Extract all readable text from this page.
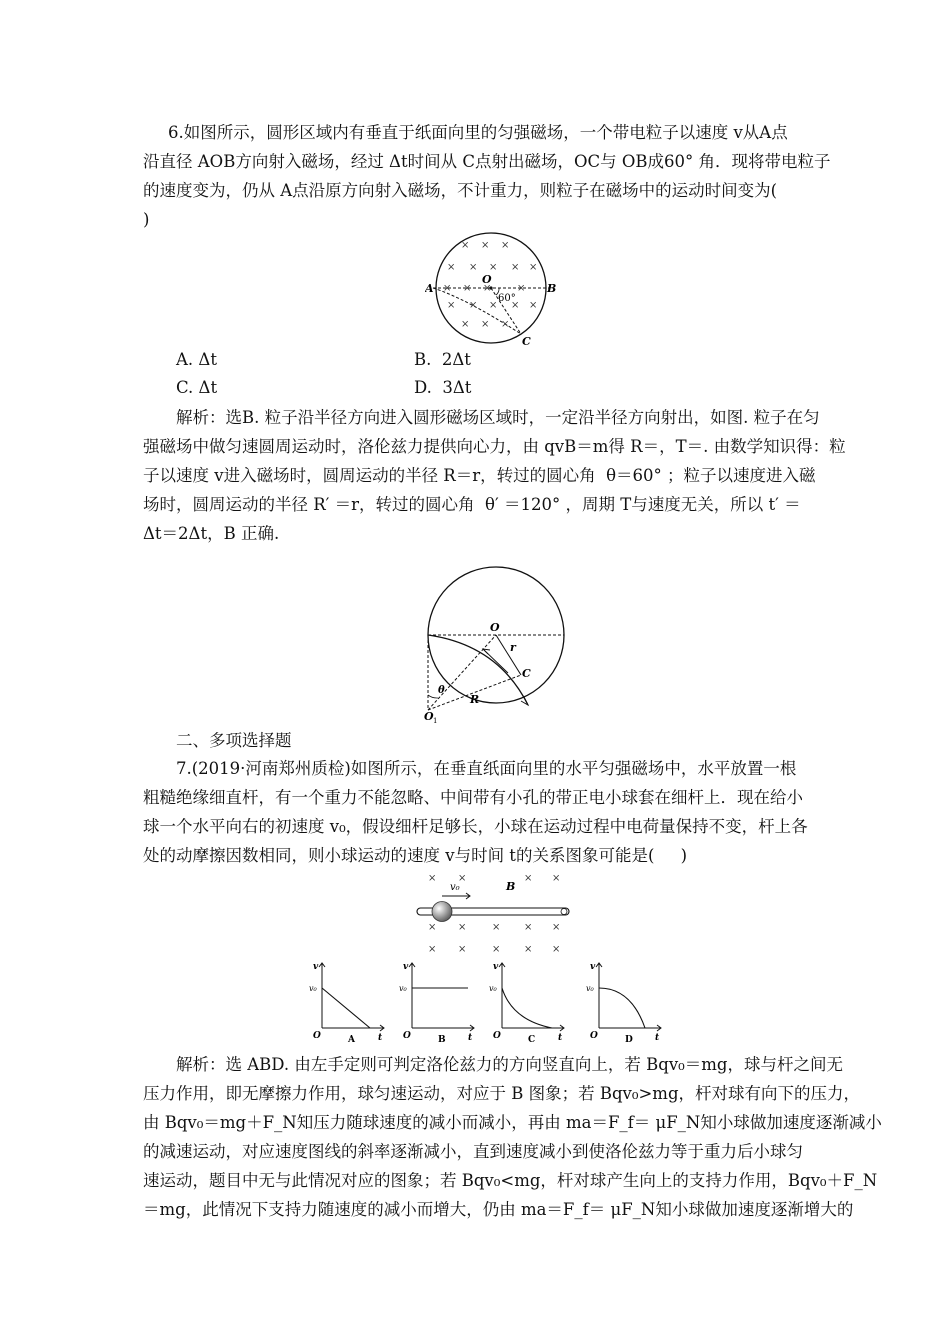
6.如图所示，圆形区域内有垂直于纸面向里的匀强磁场，一个带电粒子以速度 v从A点
沿直径 AOB方向射入磁场，经过 Δt时间从 C点射出磁场，OC与 OB成60° 角．现将带电粒子
的速度变为，仍从 A点沿原方向射入磁场，不计重力，则粒子在磁场中的运动时间变为(
)
× × ×
× × × × ×
× × ×	×
× × × × ×
× × ×
O
A	B
C
60°
A. Δt	B.  2Δt
C. Δt	D.  3Δt
解析：选B. 粒子沿半径方向进入圆形磁场区域时，一定沿半径方向射出，如图. 粒子在匀
强磁场中做匀速圆周运动时，洛伦兹力提供向心力，由 qvB＝m得 R＝，T＝. 由数学知识得：粒
子以速度 v进入磁场时，圆周运动的半径 R＝r，转过的圆心角  θ＝60° ；粒子以速度进入磁
场时，圆周运动的半径 R′ ＝r，转过的圆心角  θ′ ＝120° ，周期 T与速度无关，所以 t′ ＝
Δt＝2Δt，B 正确.
O
r
C
R
θ
O 1
二、多项选择题
7.(2019·河南郑州质检)如图所示，在垂直纸面向里的水平匀强磁场中，水平放置一根
粗糙绝缘细直杆，有一个重力不能忽略、中间带有小孔的带正电小球套在细杆上．现在给小
球一个水平向右的初速度 v₀，假设细杆足够长，小球在运动过程中电荷量保持不变，杆上各
处的动摩擦因数相同，则小球运动的速度 v与时间 t的关系图象可能是(     )
× ×	× ×
× ×	× × ×
× ×	× × ×
v₀	B
v
v₀
O	t
A
v
v₀
O	t
B
v
v₀
O	t
C
v
v₀
O	t
D
解析：选 ABD. 由左手定则可判定洛伦兹力的方向竖直向上，若 Bqv₀＝mg，球与杆之间无
压力作用，即无摩擦力作用，球匀速运动，对应于 B 图象；若 Bqv₀>mg，杆对球有向下的压力，
由 Bqv₀＝mg＋F_N知压力随球速度的减小而减小，再由 ma＝F_f＝ μF_N知小球做加速度逐渐减小
的减速运动，对应速度图线的斜率逐渐减小，直到速度减小到使洛伦兹力等于重力后小球匀
速运动，题目中无与此情况对应的图象；若 Bqv₀<mg，杆对球产生向上的支持力作用，Bqv₀＋F_N
＝mg，此情况下支持力随速度的减小而增大，仍由 ma＝F_f＝ μF_N知小球做加速度逐渐增大的
